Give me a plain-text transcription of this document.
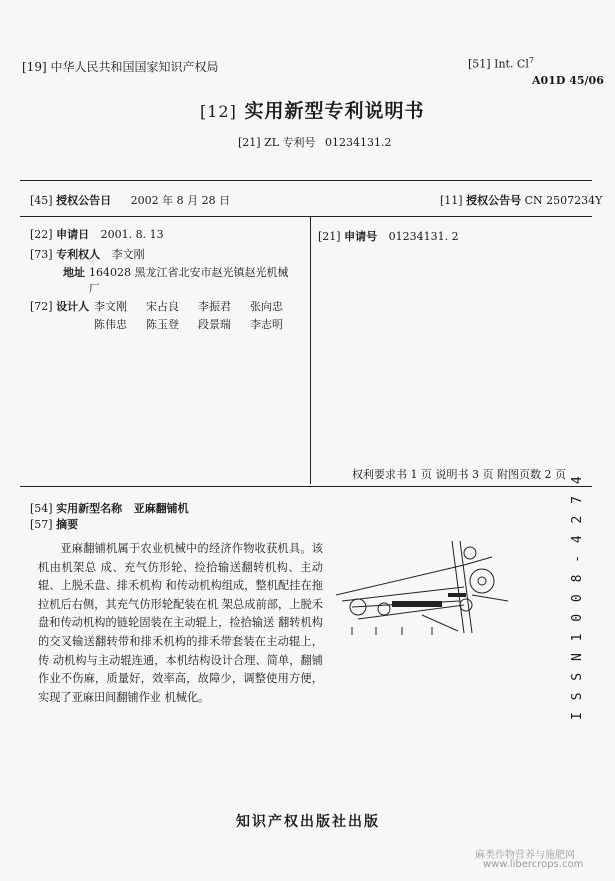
[19] 中华人民共和国国家知识产权局	[51] Int. Cl$^7$
A01D 45/06
[12] 实用新型专利说明书
[21] ZL 专利号 01234131.2
[45] 授权公告日 2002 年 8 月 28 日	[11] 授权公告号 CN 2507234Y
[22] 申请日 2001. 8. 13
[73] 专利权人 李文刚
地址 164028 黑龙江省北安市赵光镇赵光机械
厂
[72] 设计人 李文刚 宋占良 李振君 张向忠
陈伟忠 陈玉登 段景瑞 李志明
[21] 申请号 01234131. 2
权利要求书 1 页 说明书 3 页 附图页数 2 页
[54] 实用新型名称 亚麻翻铺机
[57] 摘要

亚麻翻铺机属于农业机械中的经济作物收获机具。该机由机架总 成、充气仿形轮、捡拾输送翻转机构、主动辊、上脱禾盘、排禾机构 和传动机构组成，整机配挂在拖拉机后右侧，其充气仿形轮配装在机 架总成前部，上脱禾盘和传动机构的链轮固装在主动辊上，捡拾输送 翻转机构的交叉输送翻转带和排禾机构的排禾带套装在主动辊上，传 动机构与主动辊连通，本机结构设计合理、简单，翻铺作业不伤麻，质量好，效率高，故障少，调整使用方便，实现了亚麻田间翻铺作业 机械化。	I S S N 1 0 0 8 - 4 2 7 4
知识产权出版社出版
麻类作物营养与施肥网
www.libercrops.com
